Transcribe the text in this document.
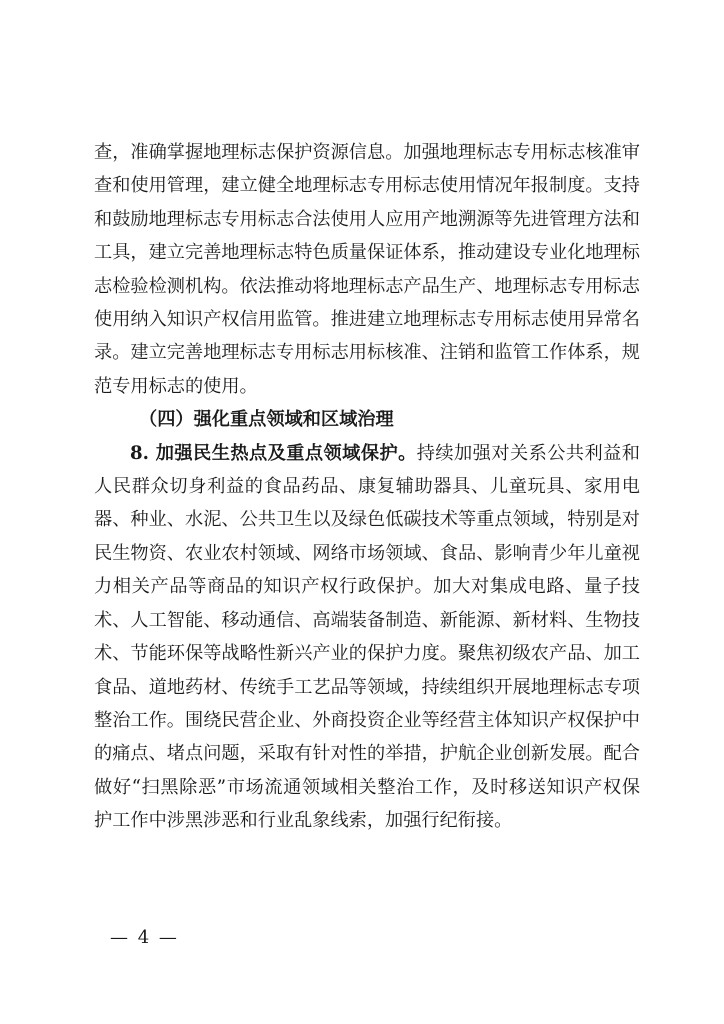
查，准确掌握地理标志保护资源信息。加强地理标志专用标志核准审查和使用管理，建立健全地理标志专用标志使用情况年报制度。支持和鼓励地理标志专用标志合法使用人应用产地溯源等先进管理方法和工具，建立完善地理标志特色质量保证体系，推动建设专业化地理标志检验检测机构。依法推动将地理标志产品生产、地理标志专用标志使用纳入知识产权信用监管。推进建立地理标志专用标志使用异常名录。建立完善地理标志专用标志用标核准、注销和监管工作体系，规范专用标志的使用。

（四）强化重点领域和区域治理

8. 加强民生热点及重点领域保护。持续加强对关系公共利益和人民群众切身利益的食品药品、康复辅助器具、儿童玩具、家用电器、种业、水泥、公共卫生以及绿色低碳技术等重点领域，特别是对民生物资、农业农村领域、网络市场领域、食品、影响青少年儿童视力相关产品等商品的知识产权行政保护。加大对集成电路、量子技术、人工智能、移动通信、高端装备制造、新能源、新材料、生物技术、节能环保等战略性新兴产业的保护力度。聚焦初级农产品、加工食品、道地药材、传统手工艺品等领域，持续组织开展地理标志专项整治工作。围绕民营企业、外商投资企业等经营主体知识产权保护中的痛点、堵点问题，采取有针对性的举措，护航企业创新发展。配合做好“扫黑除恶”市场流通领域相关整治工作，及时移送知识产权保护工作中涉黑涉恶和行业乱象线索，加强行纪衔接。

— 4 —
